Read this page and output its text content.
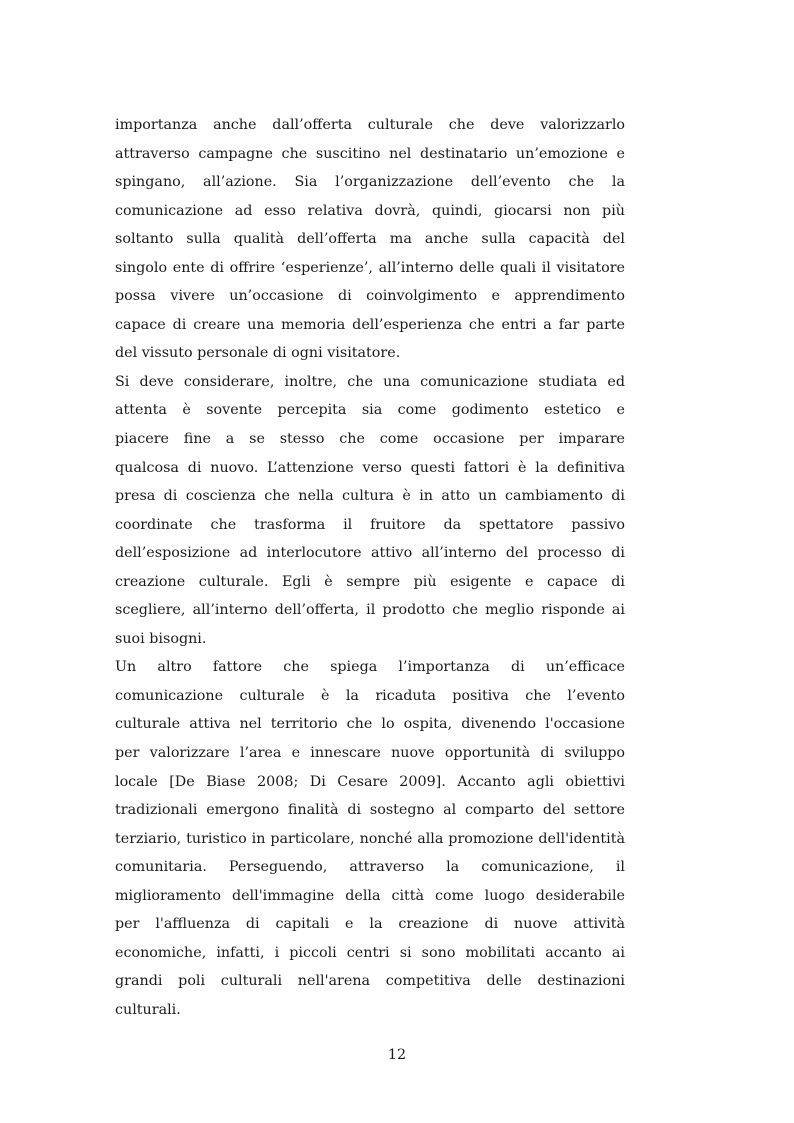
importanza anche dall’offerta culturale che deve valorizzarlo
attraverso campagne che suscitino nel destinatario un’emozione e
spingano, all’azione. Sia l’organizzazione dell’evento che la
comunicazione ad esso relativa dovrà, quindi, giocarsi non più
soltanto sulla qualità dell’offerta ma anche sulla capacità del
singolo ente di offrire ‘esperienze’, all’interno delle quali il visitatore
possa vivere un’occasione di coinvolgimento e apprendimento
capace di creare una memoria dell’esperienza che entri a far parte
del vissuto personale di ogni visitatore.
Si deve considerare, inoltre, che una comunicazione studiata ed
attenta è sovente percepita sia come godimento estetico e
piacere fine a se stesso che come occasione per imparare
qualcosa di nuovo. L’attenzione verso questi fattori è la definitiva
presa di coscienza che nella cultura è in atto un cambiamento di
coordinate che trasforma il fruitore da spettatore passivo
dell’esposizione ad interlocutore attivo all’interno del processo di
creazione culturale. Egli è sempre più esigente e capace di
scegliere, all’interno dell’offerta, il prodotto che meglio risponde ai
suoi bisogni.
Un altro fattore che spiega l’importanza di un’efficace
comunicazione culturale è la ricaduta positiva che l’evento
culturale attiva nel territorio che lo ospita, divenendo l'occasione
per valorizzare l’area e innescare nuove opportunità di sviluppo
locale [De Biase 2008; Di Cesare 2009]. Accanto agli obiettivi
tradizionali emergono finalità di sostegno al comparto del settore
terziario, turistico in particolare, nonché alla promozione dell'identità
comunitaria. Perseguendo, attraverso la comunicazione, il
miglioramento dell'immagine della città come luogo desiderabile
per l'affluenza di capitali e la creazione di nuove attività
economiche, infatti, i piccoli centri si sono mobilitati accanto ai
grandi poli culturali nell'arena competitiva delle destinazioni
culturali.
12
